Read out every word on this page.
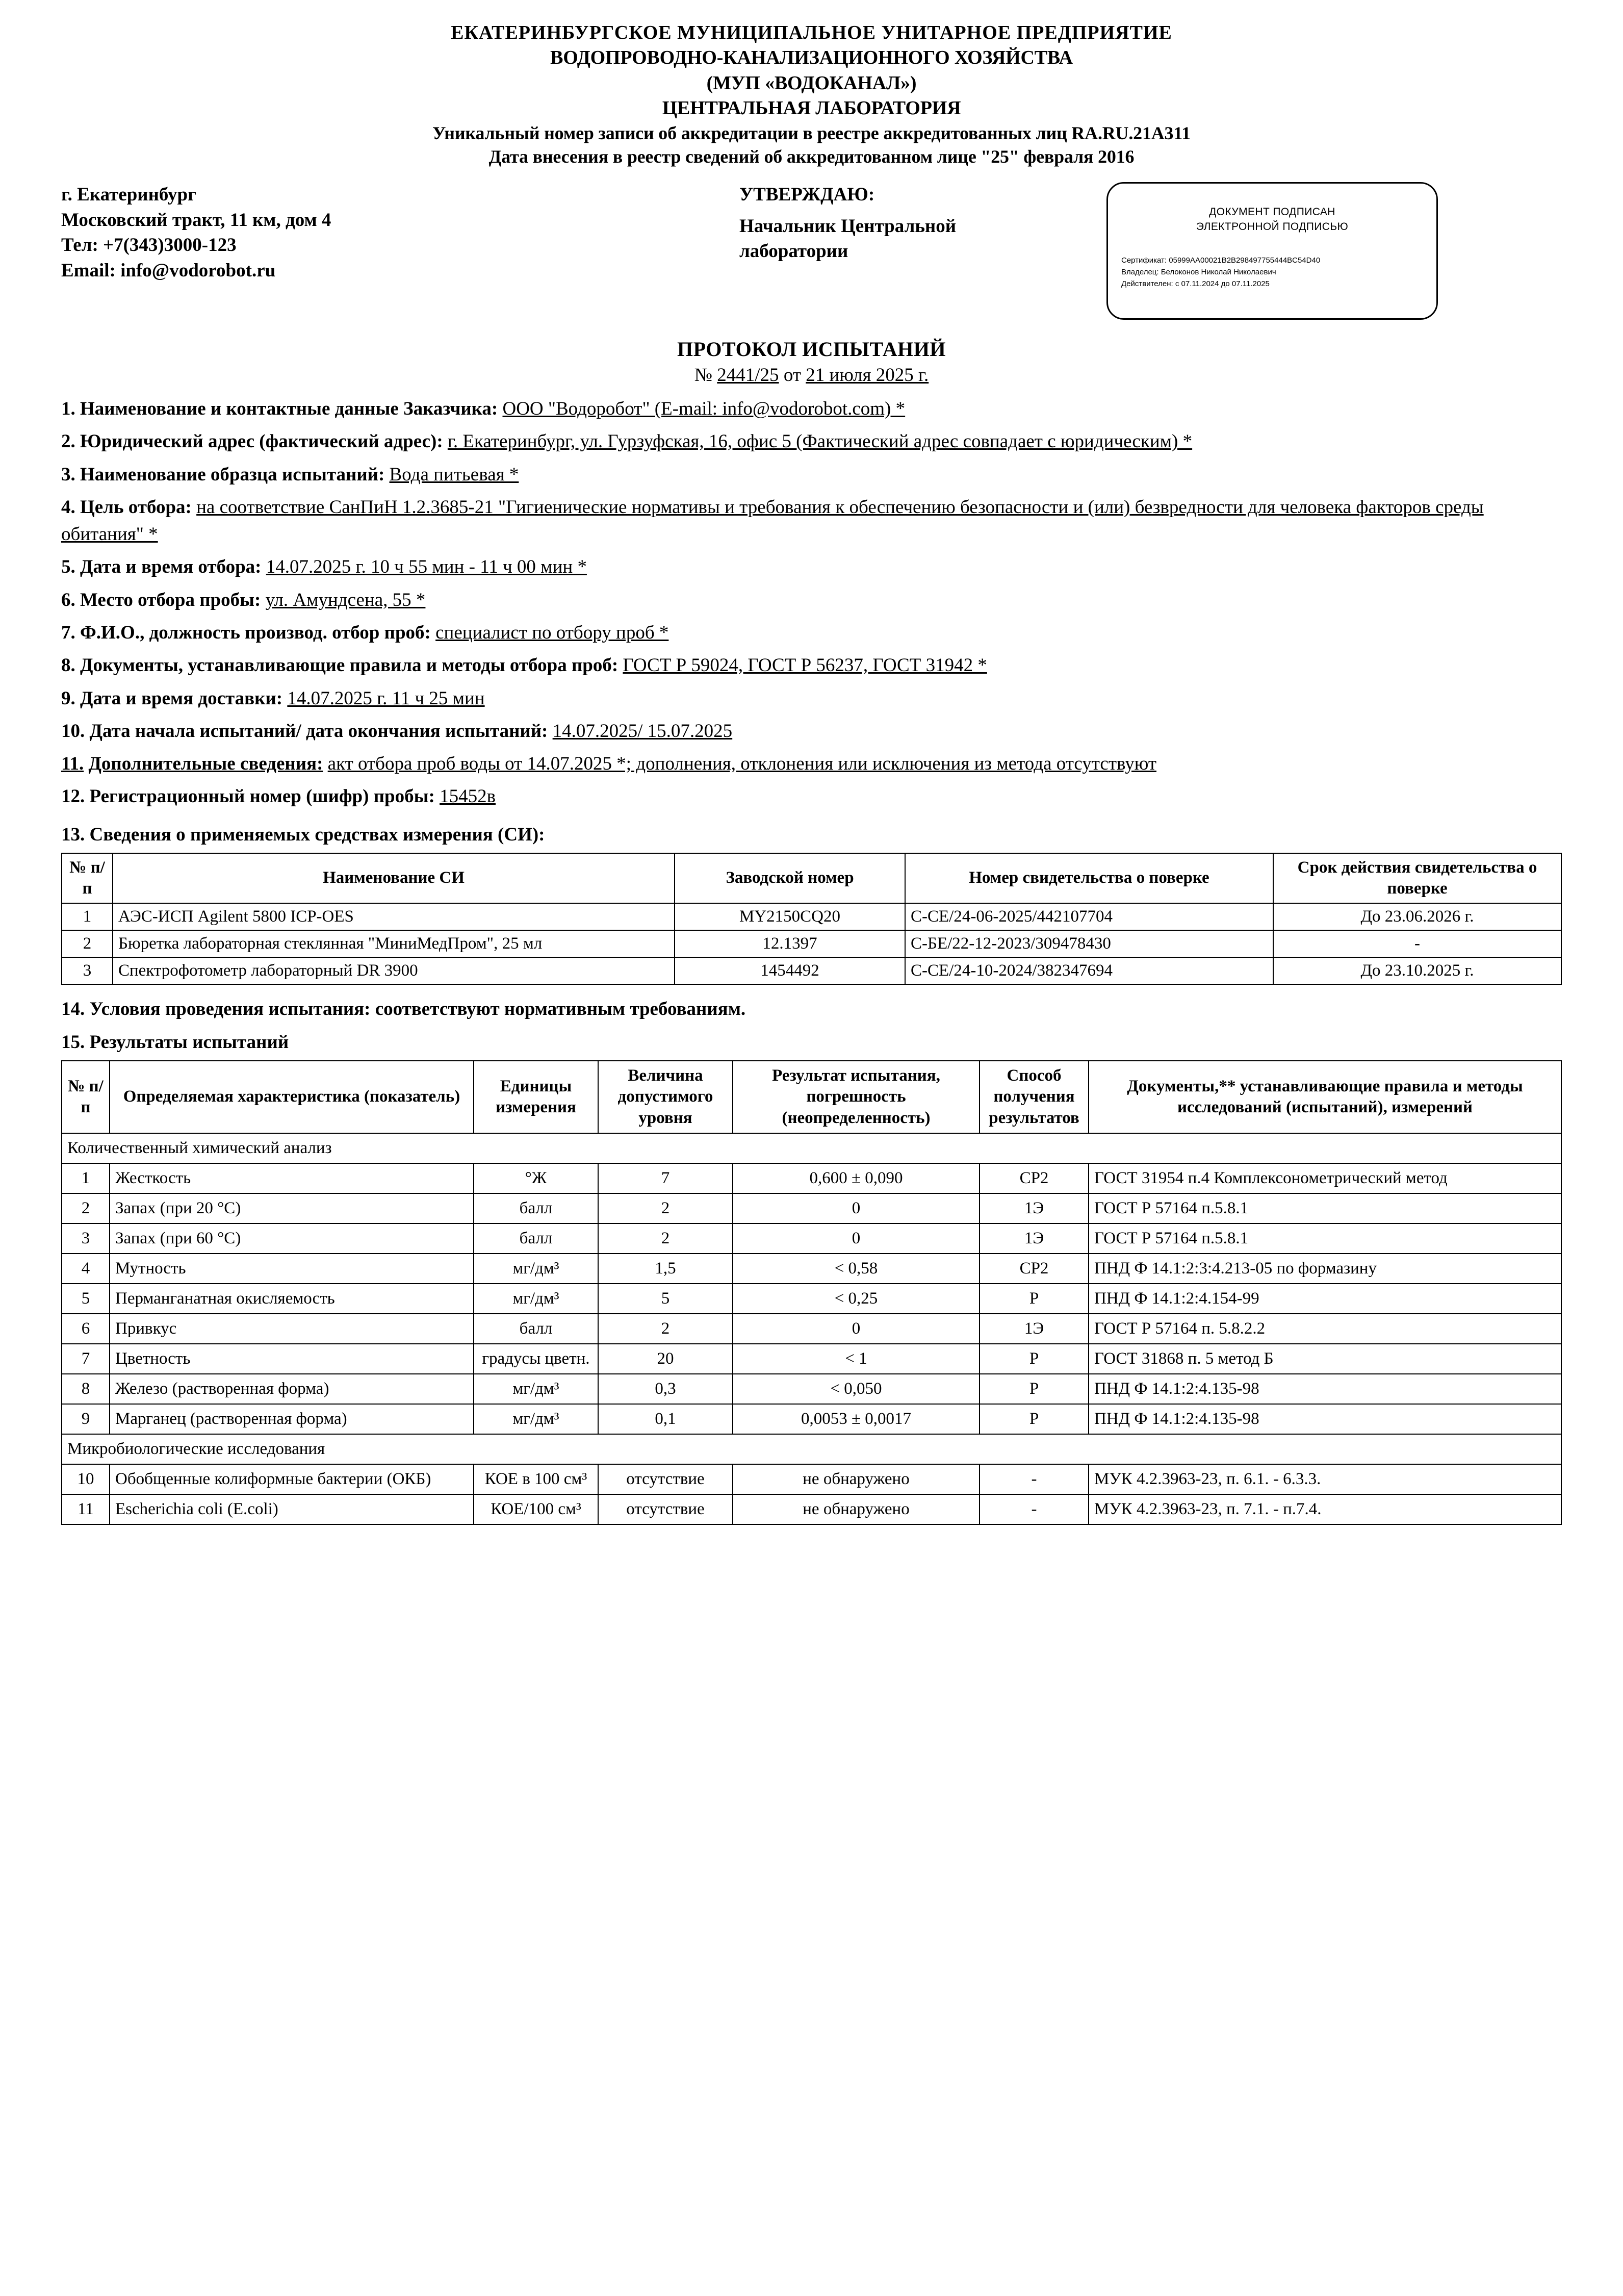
ЕКАТЕРИНБУРГСКОЕ МУНИЦИПАЛЬНОЕ УНИТАРНОЕ ПРЕДПРИЯТИЕ
ВОДОПРОВОДНО-КАНАЛИЗАЦИОННОГО ХОЗЯЙСТВА
(МУП «ВОДОКАНАЛ»)
ЦЕНТРАЛЬНАЯ ЛАБОРАТОРИЯ
Уникальный номер записи об аккредитации в реестре аккредитованных лиц RA.RU.21А311
Дата внесения в реестр сведений об аккредитованном лице "25" февраля 2016
г. Екатеринбург
Московский тракт, 11 км, дом 4
Тел: +7(343)3000-123
Email: info@vodorobot.ru
УТВЕРЖДАЮ:
Начальник Центральной
лаборатории
ДОКУМЕНТ ПОДПИСАН
ЭЛЕКТРОННОЙ ПОДПИСЬЮ
Сертификат: 05999AA00021B2B298497755444BC54D40
Владелец: Белоконов Николай Николаевич
Действителен: с 07.11.2024 до 07.11.2025
ПРОТОКОЛ ИСПЫТАНИЙ
№ 2441/25 от 21 июля 2025 г.
1. Наименование и контактные данные Заказчика: ООО "Водоробот" (E-mail: info@vodorobot.com) *
2. Юридический адрес (фактический адрес): г. Екатеринбург, ул. Гурзуфская, 16, офис 5 (Фактический адрес совпадает с юридическим) *
3. Наименование образца испытаний: Вода питьевая *
4. Цель отбора: на соответствие СанПиН 1.2.3685-21 "Гигиенические нормативы и требования к обеспечению безопасности и (или) безвредности для человека факторов среды обитания" *
5. Дата и время отбора: 14.07.2025 г. 10 ч 55 мин - 11 ч 00 мин *
6. Место отбора пробы: ул. Амундсена, 55 *
7. Ф.И.О., должность производ. отбор проб: специалист по отбору проб *
8. Документы, устанавливающие правила и методы отбора проб: ГОСТ Р 59024, ГОСТ Р 56237, ГОСТ 31942 *
9. Дата и время доставки: 14.07.2025 г. 11 ч 25 мин
10. Дата начала испытаний/ дата окончания испытаний: 14.07.2025/ 15.07.2025
11. Дополнительные сведения: акт отбора проб воды от 14.07.2025 *; дополнения, отклонения или исключения из метода отсутствуют
12. Регистрационный номер (шифр) пробы: 15452в
13. Сведения о применяемых средствах измерения (СИ):
№ п/п	Наименование СИ	Заводской номер	Номер свидетельства о поверке	Срок действия свидетельства о поверке
1	АЭС-ИСП Agilent 5800 ICP-OES	MY2150CQ20	С-СЕ/24-06-2025/442107704	До 23.06.2026 г.
2	Бюретка лабораторная стеклянная "МиниМедПром", 25 мл	12.1397	С-БЕ/22-12-2023/309478430	-
3	Спектрофотометр лабораторный DR 3900	1454492	С-СЕ/24-10-2024/382347694	До 23.10.2025 г.
14. Условия проведения испытания: соответствуют нормативным требованиям.
15. Результаты испытаний
№ п/п	Определяемая характеристика (показатель)	Единицы измерения	Величина допустимого уровня	Результат испытания, погрешность (неопределенность)	Способ получения результатов	Документы,** устанавливающие правила и методы исследований (испытаний), измерений
Количественный химический анализ						
1	Жесткость	°Ж	7	0,600 ± 0,090	СР2	ГОСТ 31954 п.4 Комплексонометрический метод
2	Запах (при 20 °С)	балл	2	0	1Э	ГОСТ Р 57164 п.5.8.1
3	Запах (при 60 °С)	балл	2	0	1Э	ГОСТ Р 57164 п.5.8.1
4	Мутность	мг/дм³	1,5	< 0,58	СР2	ПНД Ф 14.1:2:3:4.213-05 по формазину
5	Перманганатная окисляемость	мг/дм³	5	< 0,25	Р	ПНД Ф 14.1:2:4.154-99
6	Привкус	балл	2	0	1Э	ГОСТ Р 57164 п. 5.8.2.2
7	Цветность	градусы цветн.	20	< 1	Р	ГОСТ 31868 п. 5 метод Б
8	Железо (растворенная форма)	мг/дм³	0,3	< 0,050	Р	ПНД Ф 14.1:2:4.135-98
9	Марганец (растворенная форма)	мг/дм³	0,1	0,0053 ± 0,0017	Р	ПНД Ф 14.1:2:4.135-98
Микробиологические исследования						
10	Обобщенные колиформные бактерии (ОКБ)	КОЕ в 100 см³	отсутствие	не обнаружено	-	МУК 4.2.3963-23, п. 6.1. - 6.3.3.
11	Escherichia coli (E.coli)	КОЕ/100 см³	отсутствие	не обнаружено	-	МУК 4.2.3963-23, п. 7.1. - п.7.4.
